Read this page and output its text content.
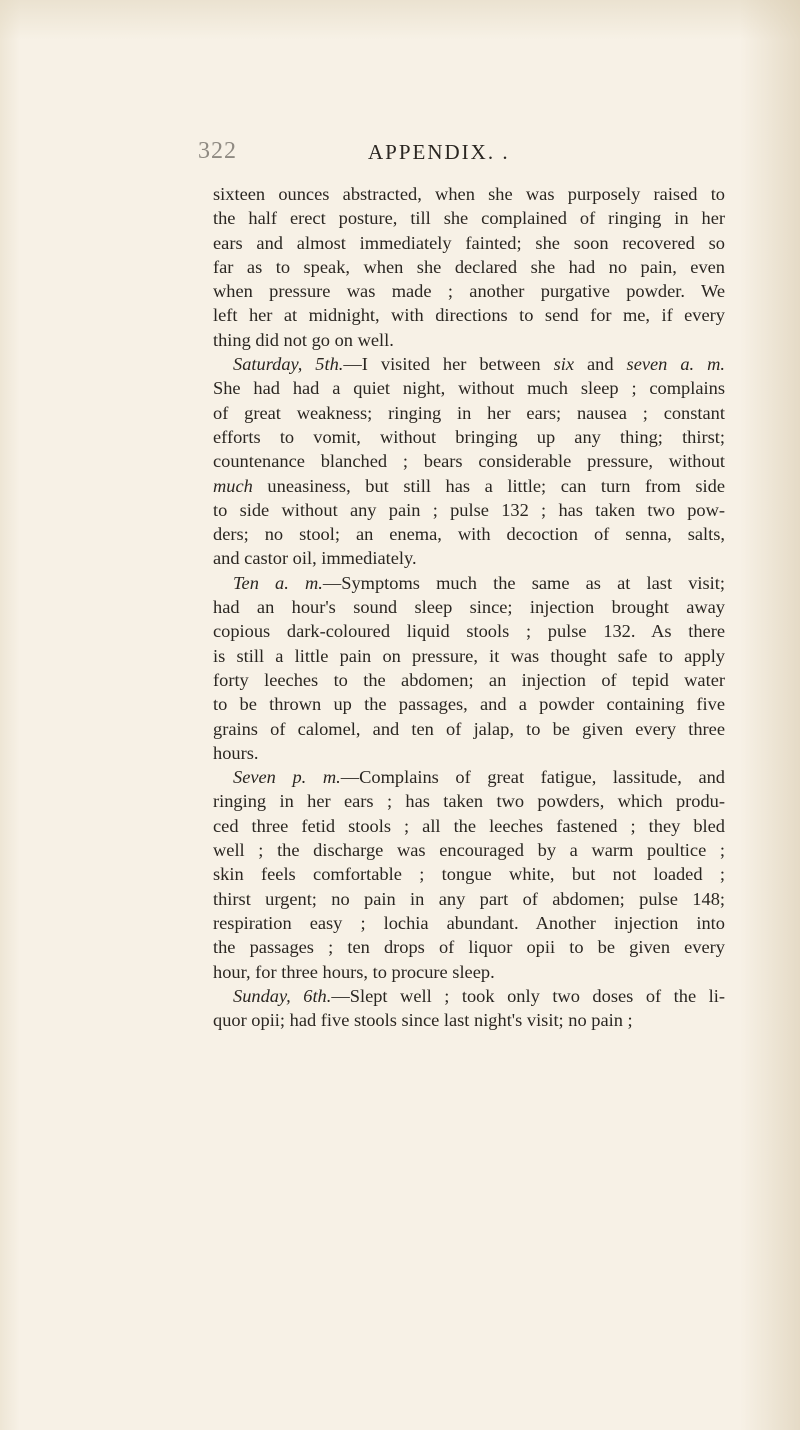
322	APPENDIX. .
sixteen ounces abstracted, when she was purposely raised to
the half erect posture, till she complained of ringing in her
ears and almost immediately fainted; she soon recovered so
far as to speak, when she declared she had no pain, even
when pressure was made ; another purgative powder. We
left her at midnight, with directions to send for me, if every
thing did not go on well.
Saturday, 5th.—I visited her between six and seven a. m.
She had had a quiet night, without much sleep ; complains
of great weakness; ringing in her ears; nausea ; constant
efforts to vomit, without bringing up any thing; thirst;
countenance blanched ; bears considerable pressure, without
much uneasiness, but still has a little; can turn from side
to side without any pain ; pulse 132 ; has taken two pow-
ders; no stool; an enema, with decoction of senna, salts,
and castor oil, immediately.
Ten a. m.—Symptoms much the same as at last visit;
had an hour's sound sleep since; injection brought away
copious dark-coloured liquid stools ; pulse 132. As there
is still a little pain on pressure, it was thought safe to apply
forty leeches to the abdomen; an injection of tepid water
to be thrown up the passages, and a powder containing five
grains of calomel, and ten of jalap, to be given every three
hours.
Seven p. m.—Complains of great fatigue, lassitude, and
ringing in her ears ; has taken two powders, which produ-
ced three fetid stools ; all the leeches fastened ; they bled
well ; the discharge was encouraged by a warm poultice ;
skin feels comfortable ; tongue white, but not loaded ;
thirst urgent; no pain in any part of abdomen; pulse 148;
respiration easy ; lochia abundant. Another injection into
the passages ; ten drops of liquor opii to be given every
hour, for three hours, to procure sleep.
Sunday, 6th.—Slept well ; took only two doses of the li-
quor opii; had five stools since last night's visit; no pain ;
